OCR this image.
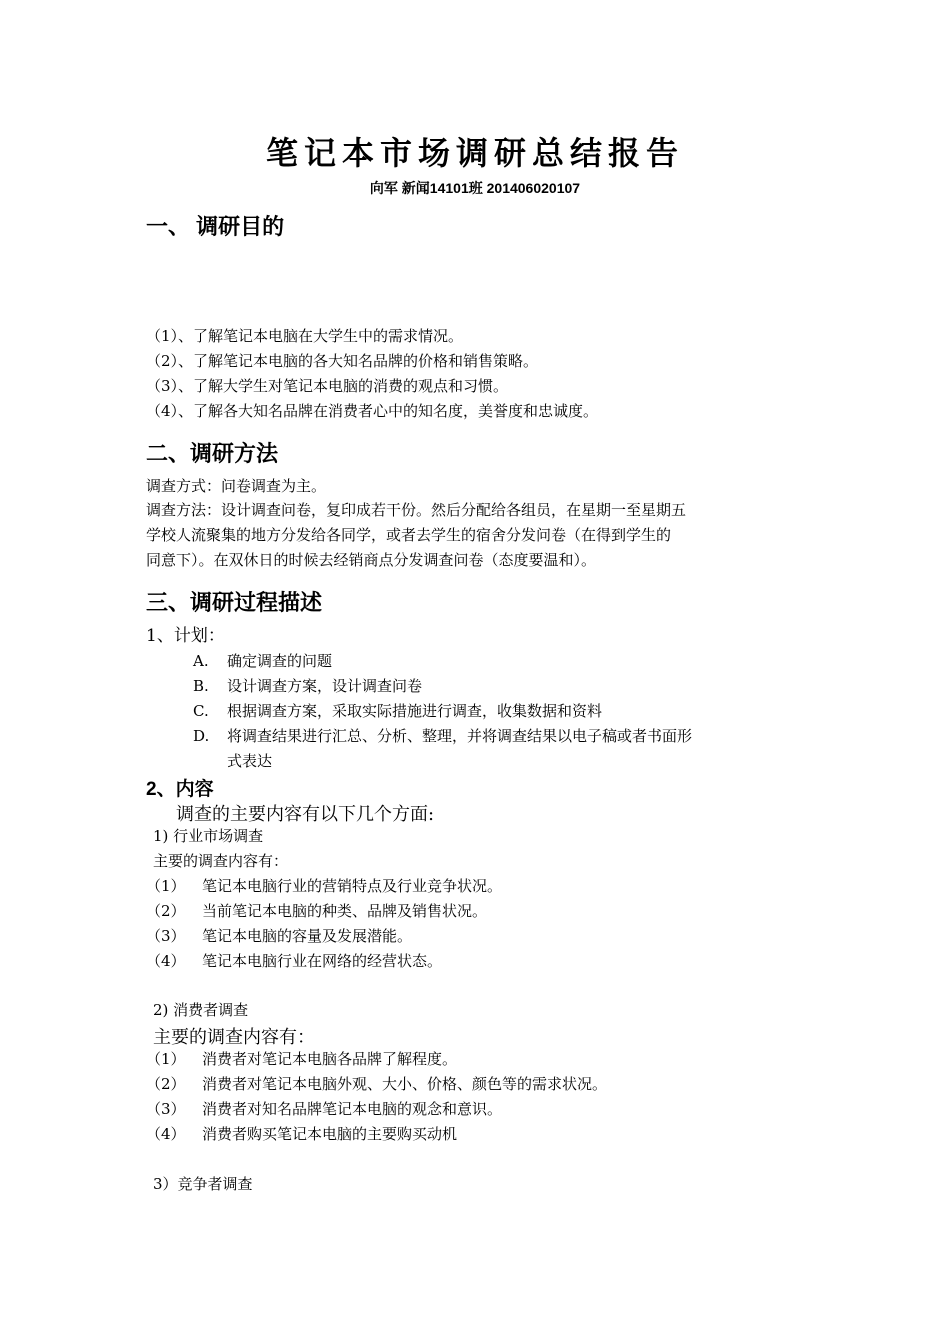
笔记本市场调研总结报告
向军 新闻14101班 201406020107
一、 调研目的
（1）、了解笔记本电脑在大学生中的需求情况。
（2）、了解笔记本电脑的各大知名品牌的价格和销售策略。
（3）、了解大学生对笔记本电脑的消费的观点和习惯。
（4）、了解各大知名品牌在消费者心中的知名度，美誉度和忠诚度。
二、调研方法
调查方式：问卷调查为主。
调查方法：设计调查问卷，复印成若干份。然后分配给各组员，在星期一至星期五
学校人流聚集的地方分发给各同学，或者去学生的宿舍分发问卷（在得到学生的
同意下）。在双休日的时候去经销商点分发调查问卷（态度要温和）。
三、调研过程描述
1、计划：
A. 确定调查的问题
B. 设计调查方案，设计调查问卷
C. 根据调查方案，采取实际措施进行调查，收集数据和资料
D. 将调查结果进行汇总、分析、整理，并将调查结果以电子稿或者书面形
式表达
2、内容
调查的主要内容有以下几个方面:
1) 行业市场调查
主要的调查内容有：
（1） 笔记本电脑行业的营销特点及行业竞争状况。
（2） 当前笔记本电脑的种类、品牌及销售状况。
（3） 笔记本电脑的容量及发展潜能。
（4） 笔记本电脑行业在网络的经营状态。
2) 消费者调查
主要的调查内容有：
（1） 消费者对笔记本电脑各品牌了解程度。
（2） 消费者对笔记本电脑外观、大小、价格、颜色等的需求状况。
（3） 消费者对知名品牌笔记本电脑的观念和意识。
（4） 消费者购买笔记本电脑的主要购买动机
3）竞争者调查
